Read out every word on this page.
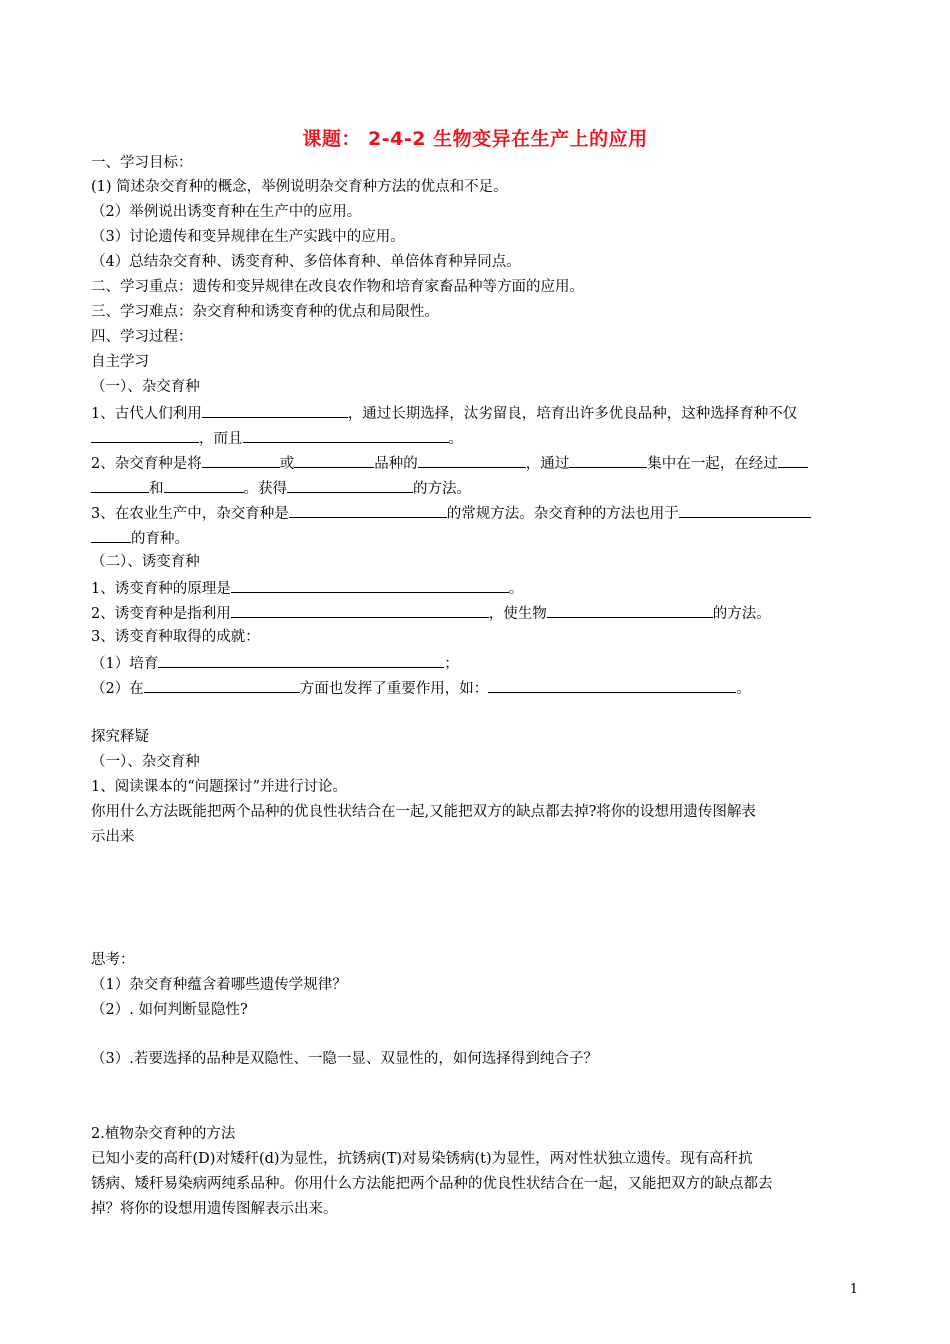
课题： 2-4-2 生物变异在生产上的应用
一、学习目标：
(1) 简述杂交育种的概念，举例说明杂交育种方法的优点和不足。
（2）举例说出诱变育种在生产中的应用。
（3）讨论遗传和变异规律在生产实践中的应用。
（4）总结杂交育种、诱变育种、多倍体育种、单倍体育种异同点。
二、学习重点：遗传和变异规律在改良农作物和培育家畜品种等方面的应用。
三、学习难点：杂交育种和诱变育种的优点和局限性。
四、学习过程：
自主学习
（一）、杂交育种
1、古代人们利用	，通过长期选择，汰劣留良，培育出许多优良品种，这种选择育种不仅
，而且	。
2、杂交育种是将	或	品种的	，通过	集中在一起，在经过
和	。获得	的方法。
3、在农业生产中，杂交育种是	的常规方法。杂交育种的方法也用于
的育种。
（二）、诱变育种
1、诱变育种的原理是	。
2、诱变育种是指利用	，使生物	的方法。
3、诱变育种取得的成就：
（1）培育	；
（2）在	方面也发挥了重要作用，如：	。
探究释疑
（一）、杂交育种
1、阅读课本的“问题探讨”并进行讨论。
你用什么方法既能把两个品种的优良性状结合在一起,又能把双方的缺点都去掉?将你的设想用遗传图解表
示出来
思考：
（1）杂交育种蕴含着哪些遗传学规律？
（2）. 如何判断显隐性?
（3）.若要选择的品种是双隐性、一隐一显、双显性的，如何选择得到纯合子？
2.植物杂交育种的方法
已知小麦的高秆(D)对矮秆(d)为显性，抗锈病(T)对易染锈病(t)为显性，两对性状独立遗传。现有高秆抗
锈病、矮秆易染病两纯系品种。你用什么方法能把两个品种的优良性状结合在一起，又能把双方的缺点都去
掉？将你的设想用遗传图解表示出来。
1
